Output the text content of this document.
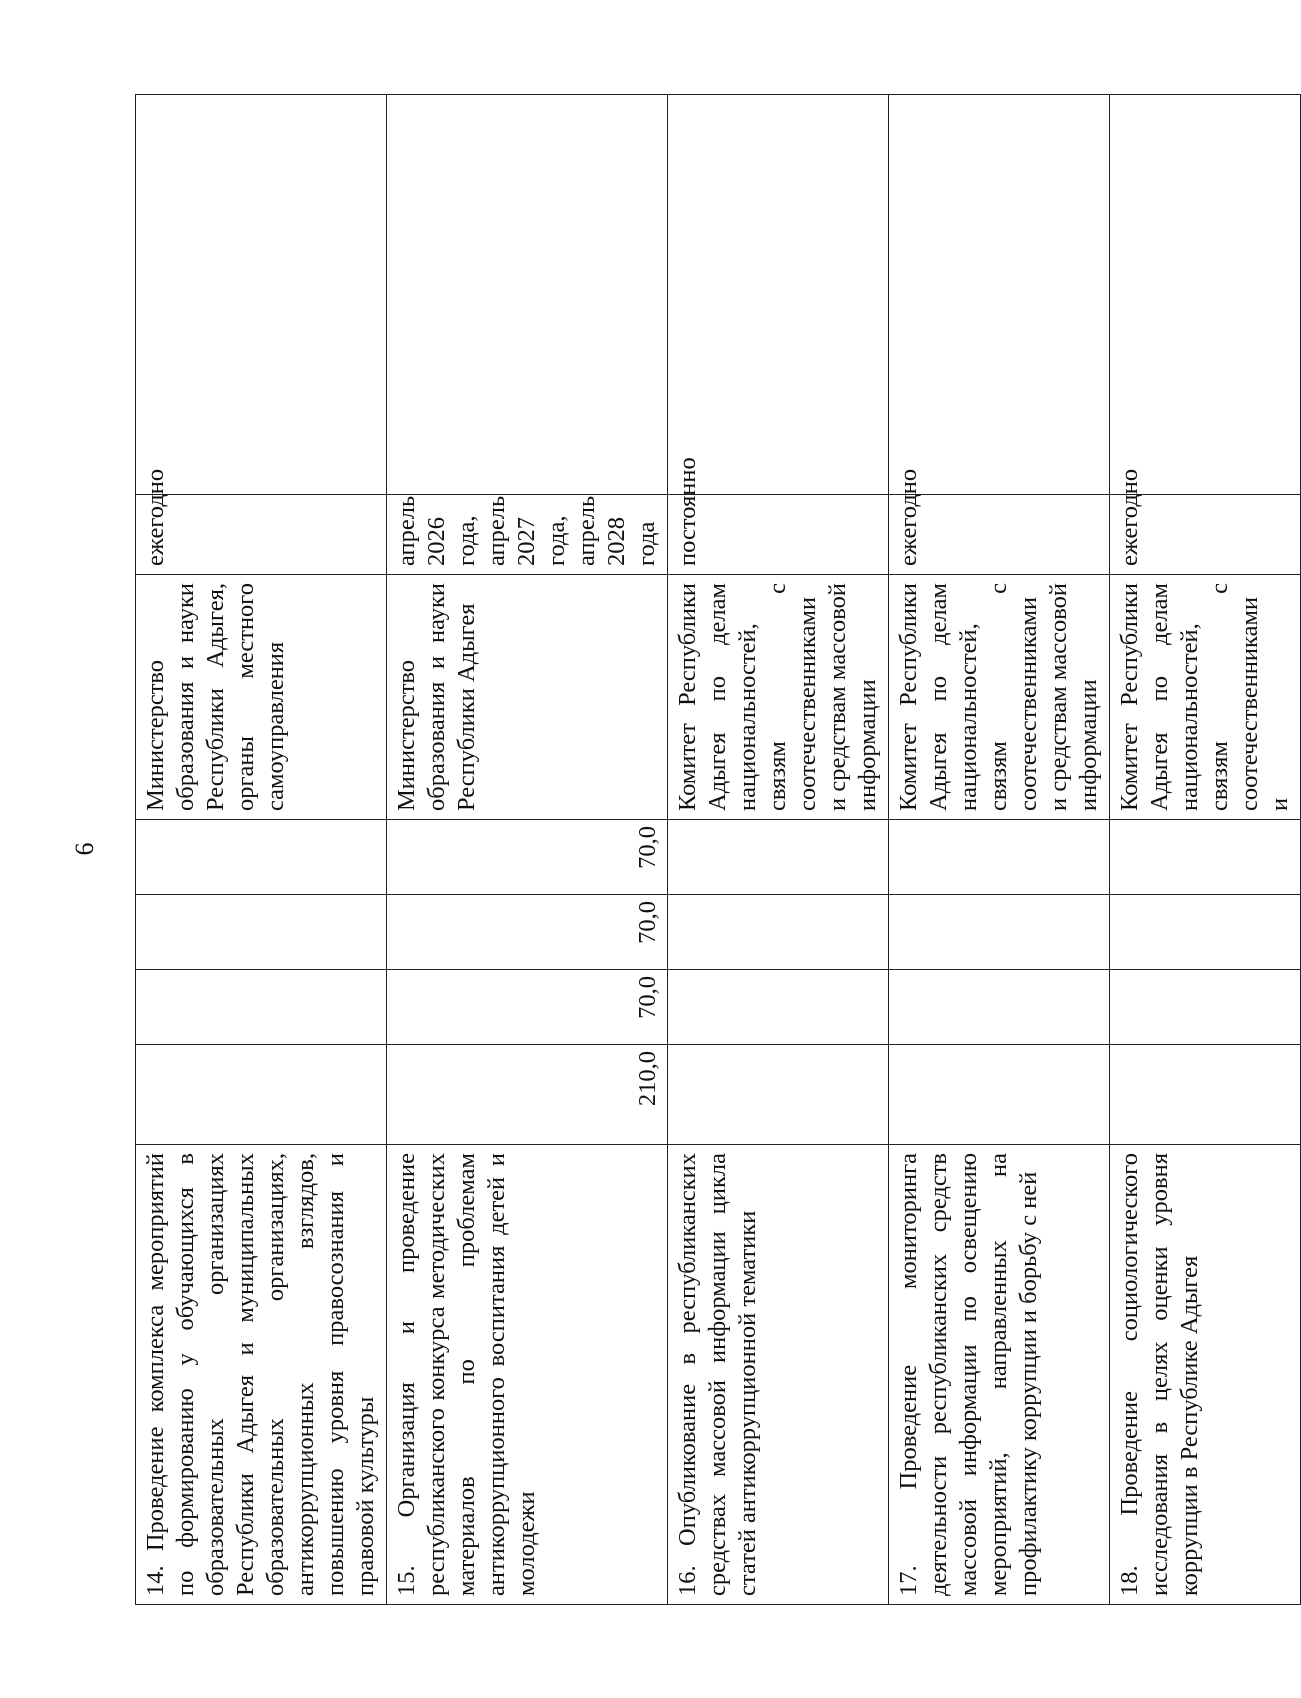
6
14. Проведение комплекса мероприятий по формированию у обучающихся в образовательных организациях Республики Адыгея и муниципальных образовательных организациях, антикоррупционных взглядов, повышению уровня правосознания и правовой культуры					Министерство образования и науки Республики Адыгея, органы местного самоуправления	ежегодно	
15. Организация и проведение республиканского конкурса методических материалов по проблемам антикоррупционного воспитания детей и молодежи	210,0	70,0	70,0	70,0	Министерство образования и науки Республики Адыгея	апрель 2026 года, апрель 2027 года, апрель 2028 года	
16. Опубликование в республиканских средствах массовой информации цикла статей антикоррупционной тематики					Комитет Республики Адыгея по делам национальностей, связям с соотечественниками и средствам массовой информации	постоянно	
17. Проведение мониторинга деятельности республиканских средств массовой информации по освещению мероприятий, направленных на профилактику коррупции и борьбу с ней					Комитет Республики Адыгея по делам национальностей, связям с соотечественниками и средствам массовой информации	ежегодно	
18. Проведение социологического исследования в целях оценки уровня коррупции в Республике Адыгея					Комитет Республики Адыгея по делам национальностей, связям с соотечественниками и	ежегодно	
